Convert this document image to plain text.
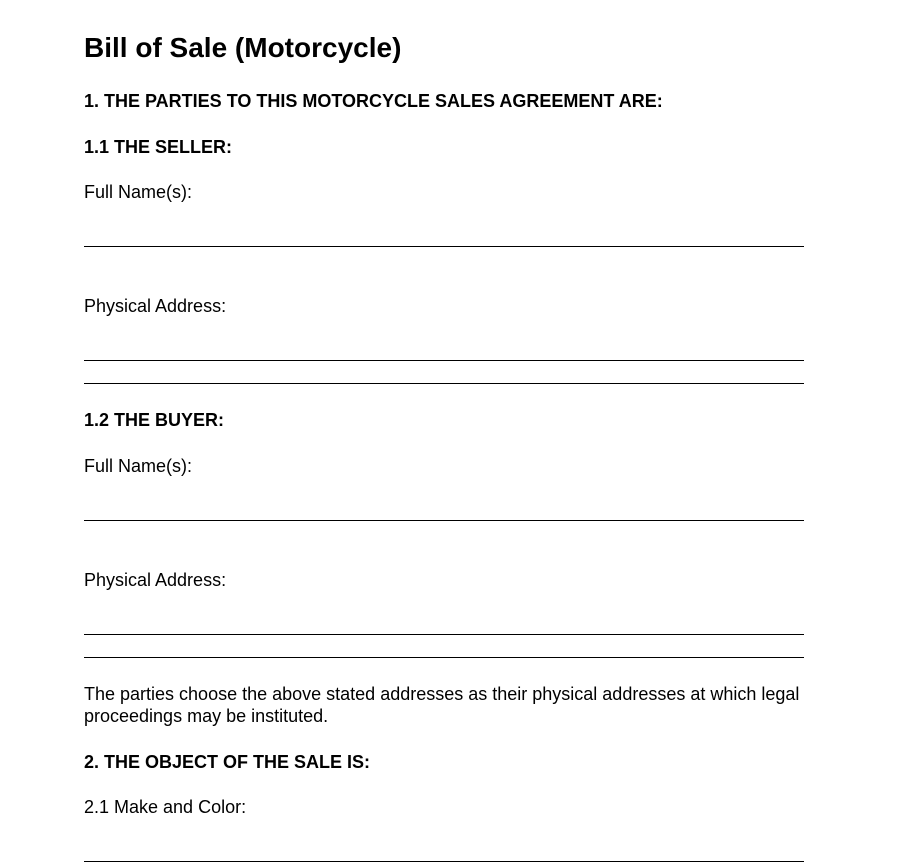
Bill of Sale (Motorcycle)
1. THE PARTIES TO THIS MOTORCYCLE SALES AGREEMENT ARE:
1.1 THE SELLER:
Full Name(s):
Physical Address:
1.2 THE BUYER:
Full Name(s):
Physical Address:
The parties choose the above stated addresses as their physical addresses at which legal proceedings may be instituted.
2. THE OBJECT OF THE SALE IS:
2.1 Make and Color:
